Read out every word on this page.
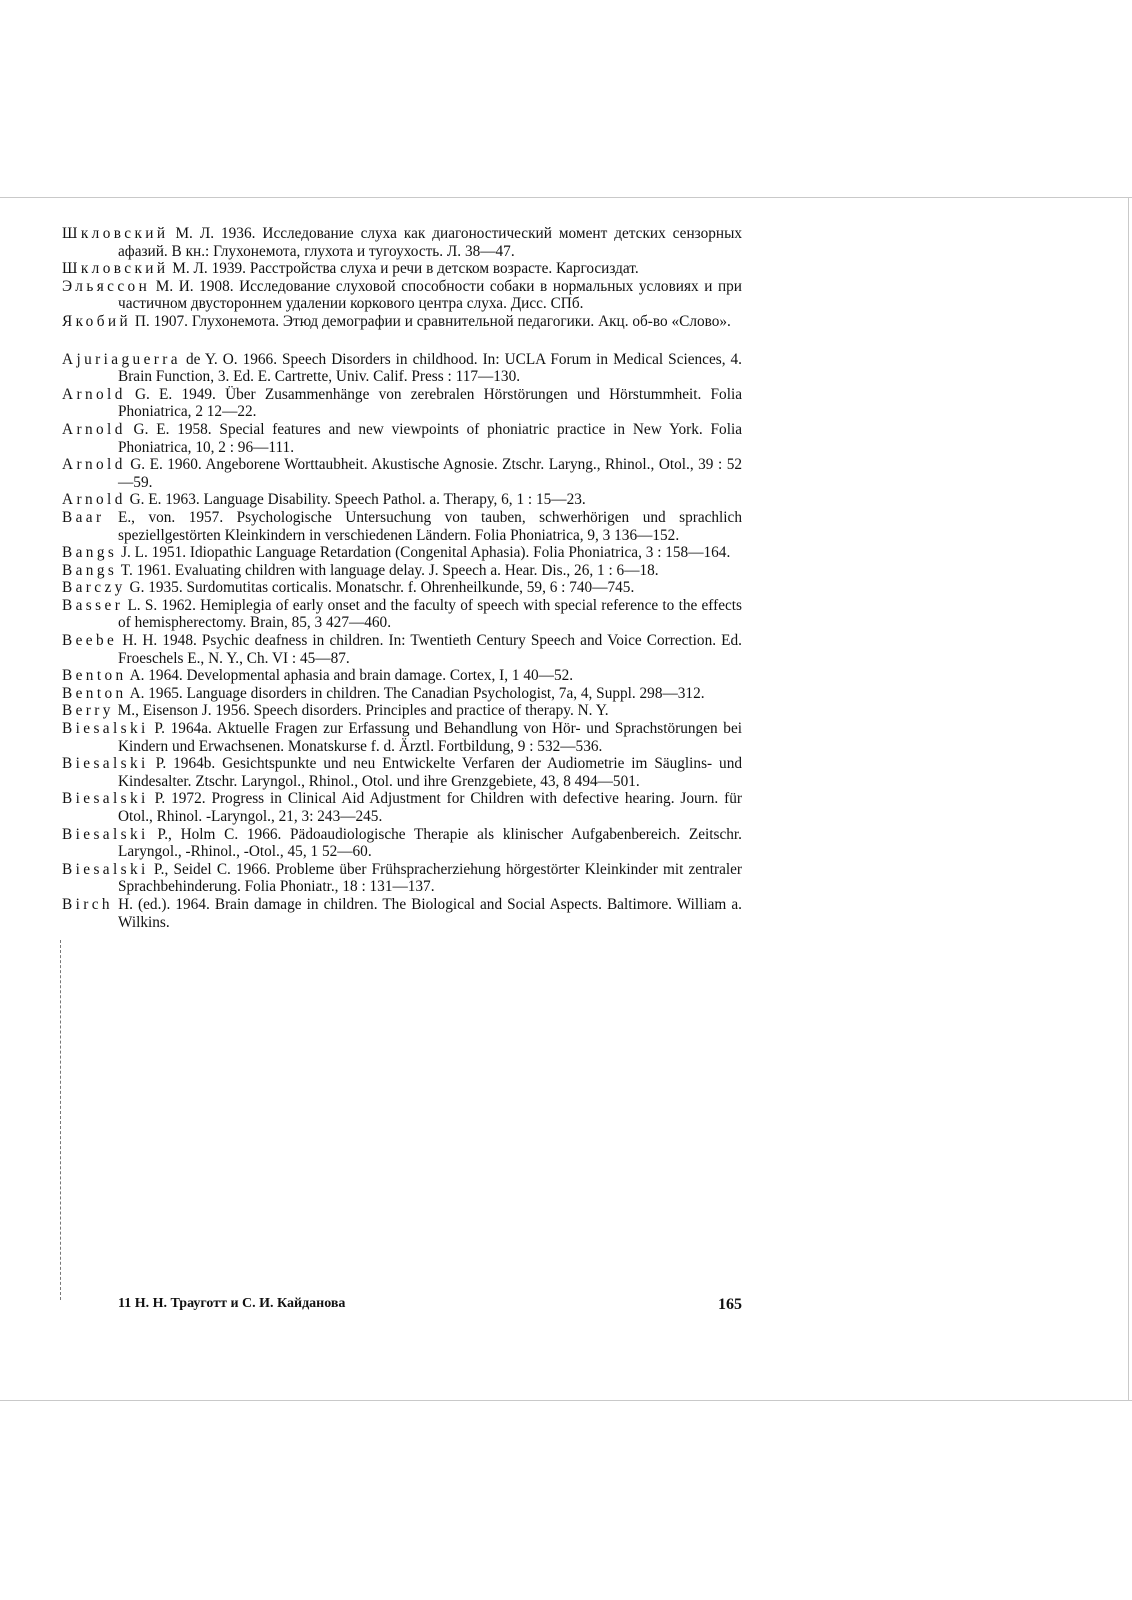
Шкловский М. Л. 1936. Исследование слуха как диагоностический момент детских сензорных афазий. В кн.: Глухонемота, глухота и тугоухость. Л. 38—47.
Шкловский М. Л. 1939. Расстройства слуха и речи в детском возрасте. Каргосиздат.
Эльяссон М. И. 1908. Исследование слуховой способности собаки в нормальных условиях и при частичном двустороннем удалении коркового центра слуха. Дисс. СПб.
Якобий П. 1907. Глухонемота. Этюд демографии и сравнительной педагогики. Акц. об-во «Слово».
Ajuriaguerra de Y. O. 1966. Speech Disorders in childhood. In: UCLA Forum in Medical Sciences, 4. Brain Function, 3. Ed. E. Cartrette, Univ. Calif. Press : 117—130.
Arnold G. E. 1949. Über Zusammenhänge von zerebralen Hörstörungen und Hörstummheit. Folia Phoniatrica, 2 12—22.
Arnold G. E. 1958. Special features and new viewpoints of phoniatric practice in New York. Folia Phoniatrica, 10, 2 : 96—111.
Arnold G. E. 1960. Angeborene Worttaubheit. Akustische Agnosie. Ztschr. Laryng., Rhinol., Otol., 39 : 52—59.
Arnold G. E. 1963. Language Disability. Speech Pathol. a. Therapy, 6, 1 : 15—23.
Baar E., von. 1957. Psychologische Untersuchung von tauben, schwerhörigen und sprachlich speziellgestörten Kleinkindern in verschiedenen Ländern. Folia Phoniatrica, 9, 3 136—152.
Bangs J. L. 1951. Idiopathic Language Retardation (Congenital Aphasia). Folia Phoniatrica, 3 : 158—164.
Bangs T. 1961. Evaluating children with language delay. J. Speech a. Hear. Dis., 26, 1 : 6—18.
Barczy G. 1935. Surdomutitas corticalis. Monatschr. f. Ohrenheilkunde, 59, 6 : 740—745.
Basser L. S. 1962. Hemiplegia of early onset and the faculty of speech with special reference to the effects of hemispherectomy. Brain, 85, 3 427—460.
Beebe H. H. 1948. Psychic deafness in children. In: Twentieth Century Speech and Voice Correction. Ed. Froeschels E., N. Y., Ch. VI : 45—87.
Benton A. 1964. Developmental aphasia and brain damage. Cortex, I, 1 40—52.
Benton A. 1965. Language disorders in children. The Canadian Psychologist, 7a, 4, Suppl. 298—312.
Berry M., Eisenson J. 1956. Speech disorders. Principles and practice of therapy. N. Y.
Biesalski P. 1964a. Aktuelle Fragen zur Erfassung und Behandlung von Hör- und Sprachstörungen bei Kindern und Erwachsenen. Monatskurse f. d. Ärztl. Fortbildung, 9 : 532—536.
Biesalski P. 1964b. Gesichtspunkte und neu Entwickelte Verfaren der Audiometrie im Säuglins- und Kindesalter. Ztschr. Laryngol., Rhinol., Otol. und ihre Grenzgebiete, 43, 8 494—501.
Biesalski P. 1972. Progress in Clinical Aid Adjustment for Children with defective hearing. Journ. für Otol., Rhinol. -Laryngol., 21, 3: 243—245.
Biesalski P., Holm C. 1966. Pädoaudiologische Therapie als klinischer Aufgabenbereich. Zeitschr. Laryngol., -Rhinol., -Otol., 45, 1 52—60.
Biesalski P., Seidel C. 1966. Probleme über Frühspracherziehung hörgestörter Kleinkinder mit zentraler Sprachbehinderung. Folia Phoniatr., 18 : 131—137.
Birch H. (ed.). 1964. Brain damage in children. The Biological and Social Aspects. Baltimore. William a. Wilkins.
11 Н. Н. Трауготт и С. И. Кайданова	165
